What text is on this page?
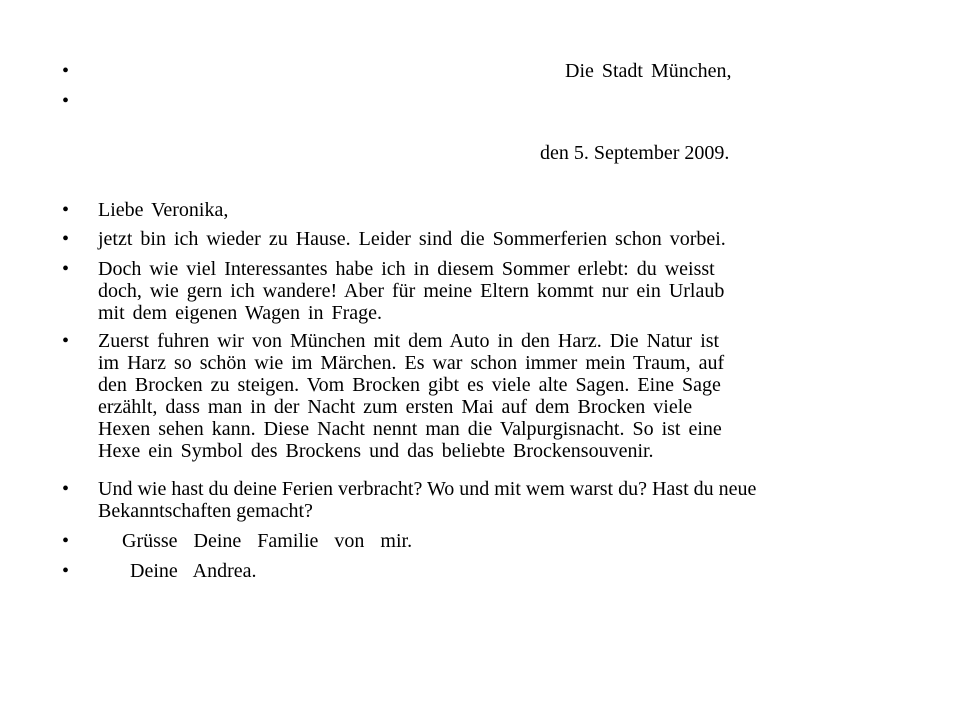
•	Die Stadt München,
•
den 5. September 2009.
•	Liebe Veronika,
•	jetzt bin ich wieder zu Hause. Leider sind die Sommerferien schon vorbei.
•	Doch wie viel Interessantes habe ich in diesem Sommer erlebt: du weisst
doch, wie gern ich wandere! Aber für meine Eltern kommt nur ein Urlaub
mit dem eigenen Wagen in Frage.
•	Zuerst fuhren wir von München mit dem Auto in den Harz. Die Natur ist
im Harz so schön wie im Märchen. Es war schon immer mein Traum, auf
den Brocken zu steigen. Vom Brocken gibt es viele alte Sagen. Eine Sage
erzählt, dass man in der Nacht zum ersten Mai auf dem Brocken viele
Hexen sehen kann. Diese Nacht nennt man die Valpurgisnacht. So ist eine
Hexe ein Symbol des Brockens und das beliebte Brockensouvenir.
•	Und wie hast du deine Ferien verbracht? Wo und mit wem warst du? Hast du neue
Bekanntschaften gemacht?
•	Grüsse  Deine  Familie  von  mir.
•	Deine  Andrea.
